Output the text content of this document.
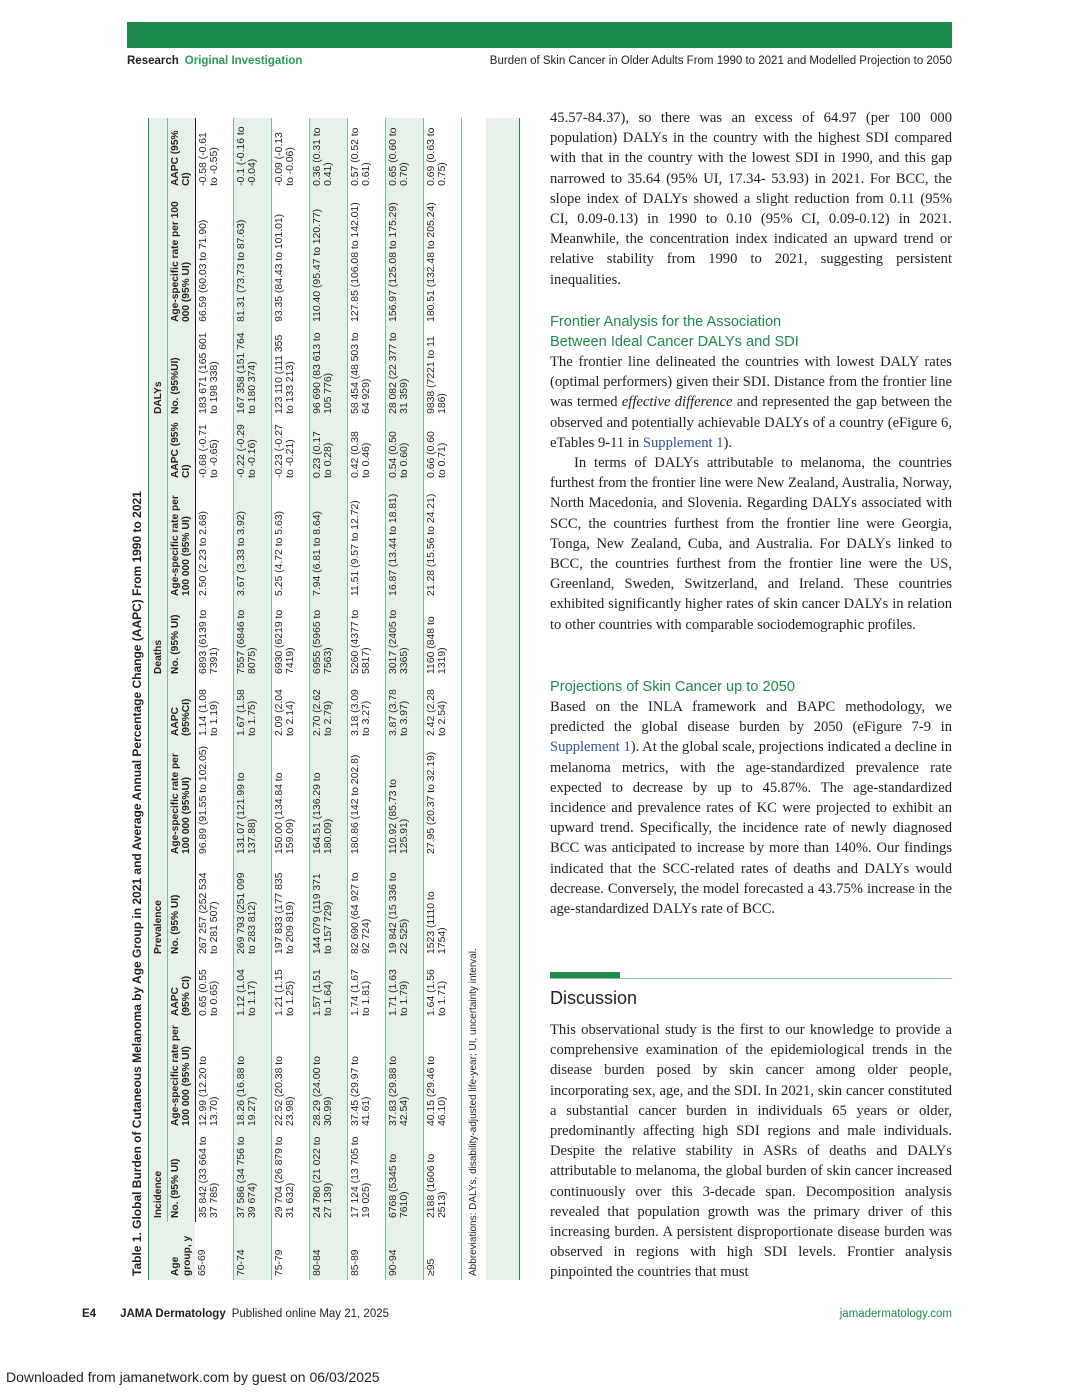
Research Original Investigation	Burden of Skin Cancer in Older Adults From 1990 to 2021 and Modelled Projection to 2050
Table 1. Global Burden of Cutaneous Melanoma by Age Group in 2021 and Average Annual Percentage Change (AAPC) From 1990 to 2021	Age group, y	Incidence			Prevalence			Deaths			DALYs		
	No. (95% UI)	Age-specific rate per 100 000 (95% UI)	AAPC (95% CI)	No. (95% UI)	Age-specific rate per 100 000 (95%UI)	AAPC (95%CI)	No. (95% UI)	Age-specific rate per 100 000 (95% UI)	AAPC (95% CI)	No. (95%UI)	Age-specific rate per 100 000 (95% UI)	AAPC (95% CI)
65-69	35 842 (33 664 to 37 785)	12.99 (12.20 to 13.70)	0.65 (0.55 to 0.65)	267 257 (252 534 to 281 507)	96.89 (91.55 to 102.05)	1.14 (1.08 to 1.19)	6893 (6139 to 7391)	2.50 (2.23 to 2.68)	-0.68 (-0.71 to -0.65)	183 671 (165 601 to 198 338)	66.59 (60.03 to 71.90)	-0.58 (-0.61 to -0.55)
70-74	37 586 (34 756 to 39 674)	18.26 (16.88 to 19.27)	1.12 (1.04 to 1.17)	269 793 (251 099 to 283 812)	131.07 (121.99 to 137.88)	1.67 (1.58 to 1.75)	7557 (6846 to 8075)	3.67 (3.33 to 3.92)	-0.22 (-0.29 to -0.16)	167 358 (151 764 to 180 374)	81.31 (73.73 to 87.63)	-0.1 (-0.16 to -0.04)
75-79	29 704 (26 879 to 31 632)	22.52 (20.38 to 23.98)	1.21 (1.15 to 1.25)	197 833 (177 835 to 209 819)	150.00 (134.84 to 159.09)	2.09 (2.04 to 2.14)	6930 (6219 to 7419)	5.25 (4.72 to 5.63)	-0.23 (-0.27 to -0.21)	123 110 (111 355 to 133 213)	93.35 (84.43 to 101.01)	-0.09 (-0.13 to -0.06)
80-84	24 780 (21 022 to 27 139)	28.29 (24.00 to 30.99)	1.57 (1.51 to 1.64)	144 079 (119 371 to 157 729)	164.51 (136.29 to 180.09)	2.70 (2.62 to 2.79)	6955 (5965 to 7563)	7.94 (6.81 to 8.64)	0.23 (0.17 to 0.28)	96 690 (83 613 to 105 776)	110.40 (95.47 to 120.77)	0.36 (0.31 to 0.41)
85-89	17 124 (13 705 to 19 025)	37.45 (29.97 to 41.61)	1.74 (1.67 to 1.81)	82 690 (64 927 to 92 724)	180.86 (142 to 202.8)	3.18 (3.09 to 3.27)	5260 (4377 to 5817)	11.51 (9.57 to 12.72)	0.42 (0.38 to 0.46)	58 454 (48 503 to 64 929)	127.85 (106.08 to 142.01)	0.57 (0.52 to 0.61)
90-94	6768 (5345 to 7610)	37.83 (29.88 to 42.54)	1.71 (1.63 to 1.79)	19 842 (15 336 to 22 525)	110.92 (85.73 to 125.91)	3.87 (3.78 to 3.97)	3017 (2405 to 3365)	16.87 (13.44 to 18.81)	0.54 (0.50 to 0.60)	28 082 (22 377 to 31 359)	156.97 (125.08 to 175.29)	0.65 (0.60 to 0.70)
≥95	2188 (1606 to 2513)	40.15 (29.46 to 46.10)	1.64 (1.56 to 1.71)	1523 (1110 to 1754)	27.95 (20.37 to 32.19)	2.42 (2.28 to 2.54)	1160 (848 to 1319)	21.28 (15.56 to 24.21)	0.66 (0.60 to 0.71)	9838 (7221 to 11 186)	180.51 (132.48 to 205.24)	0.69 (0.63 to 0.75)
Abbreviations: DALYs, disability-adjusted life-year; UI, uncertainty interval.

45.57-84.37), so there was an excess of 64.97 (per 100 000 population) DALYs in the country with the highest SDI compared with that in the country with the lowest SDI in 1990, and this gap narrowed to 35.64 (95% UI, 17.34- 53.93) in 2021. For BCC, the slope index of DALYs showed a slight reduction from 0.11 (95% CI, 0.09-0.13) in 1990 to 0.10 (95% CI, 0.09-0.12) in 2021. Meanwhile, the concentration index indicated an upward trend or relative stability from 1990 to 2021, suggesting persistent inequalities.

Frontier Analysis for the Association
Between Ideal Cancer DALYs and SDI

The frontier line delineated the countries with lowest DALY rates (optimal performers) given their SDI. Distance from the frontier line was termed effective difference and represented the gap between the observed and potentially achievable DALYs of a country (eFigure 6, eTables 9-11 in Supplement 1).

In terms of DALYs attributable to melanoma, the countries furthest from the frontier line were New Zealand, Australia, Norway, North Macedonia, and Slovenia. Regarding DALYs associated with SCC, the countries furthest from the frontier line were Georgia, Tonga, New Zealand, Cuba, and Australia. For DALYs linked to BCC, the countries furthest from the frontier line were the US, Greenland, Sweden, Switzerland, and Ireland. These countries exhibited significantly higher rates of skin cancer DALYs in relation to other countries with comparable sociodemographic profiles.

Projections of Skin Cancer up to 2050

Based on the INLA framework and BAPC methodology, we predicted the global disease burden by 2050 (eFigure 7-9 in Supplement 1). At the global scale, projections indicated a decline in melanoma metrics, with the age-standardized prevalence rate expected to decrease by up to 45.87%. The age-standardized incidence and prevalence rates of KC were projected to exhibit an upward trend. Specifically, the incidence rate of newly diagnosed BCC was anticipated to increase by more than 140%. Our findings indicated that the SCC-related rates of deaths and DALYs would decrease. Conversely, the model forecasted a 43.75% increase in the age-standardized DALYs rate of BCC.

Discussion

This observational study is the first to our knowledge to provide a comprehensive examination of the epidemiological trends in the disease burden posed by skin cancer among older people, incorporating sex, age, and the SDI. In 2021, skin cancer constituted a substantial cancer burden in individuals 65 years or older, predominantly affecting high SDI regions and male individuals. Despite the relative stability in ASRs of deaths and DALYs attributable to melanoma, the global burden of skin cancer increased continuously over this 3-decade span. Decomposition analysis revealed that population growth was the primary driver of this increasing burden. A persistent disproportionate disease burden was observed in regions with high SDI levels. Frontier analysis pinpointed the countries that must

E4 JAMA Dermatology Published online May 21, 2025	jamadermatology.com
Downloaded from jamanetwork.com by guest on 06/03/2025
